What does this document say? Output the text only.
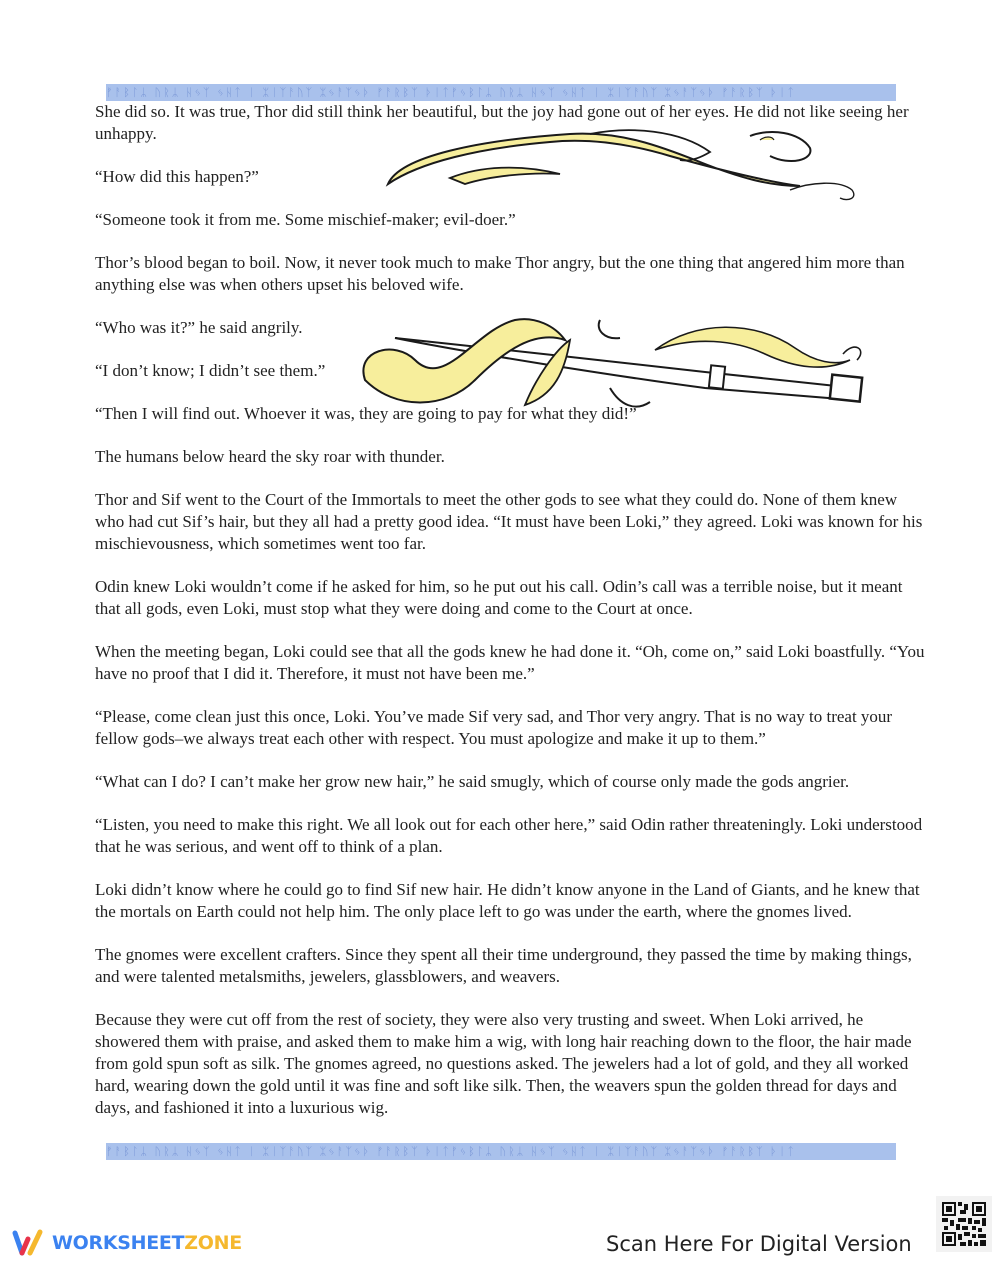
ᚠᚨᛒᛚᛦ ᚢᚱᛦ ᚺᛃᛉ ᛃᚺᛏ ᛁ ᛯᛁᛉᚨᚢᛉ ᛯᛃᚨᛉᛃᚦ ᚠᚨᚱᛒᛉ ᚦᛁᛏᚠᛃᛒᛚᛦ ᚢᚱᛦ ᚺᛃᛉ ᛃᚺᛏ ᛁ ᛯᛁᛉᚨᚢᛉ ᛯᛃᚨᛉᛃᚦ ᚠᚨᚱᛒᛉ ᚦᛁᛏ

She did so. It was true, Thor did still think her beautiful, but the joy had gone out of her eyes. He did not like seeing her unhappy.

“How did this happen?”

“Someone took it from me. Some mischief-maker; evil-doer.”

Thor’s blood began to boil. Now, it never took much to make Thor angry, but the one thing that angered him more than anything else was when others upset his beloved wife.

“Who was it?” he said angrily.

“I don’t know; I didn’t see them.”

“Then I will find out. Whoever it was, they are going to pay for what they did!”

The humans below heard the sky roar with thunder.

Thor and Sif went to the Court of the Immortals to meet the other gods to see what they could do. None of them knew who had cut Sif’s hair, but they all had a pretty good idea. “It must have been Loki,” they agreed. Loki was known for his mischievousness, which sometimes went too far.

Odin knew Loki wouldn’t come if he asked for him, so he put out his call. Odin’s call was a terrible noise, but it meant that all gods, even Loki, must stop what they were doing and come to the Court at once.

When the meeting began, Loki could see that all the gods knew he had done it. “Oh, come on,” said Loki boastfully. “You have no proof that I did it. Therefore, it must not have been me.”

“Please, come clean just this once, Loki. You’ve made Sif very sad, and Thor very angry. That is no way to treat your fellow gods–we always treat each other with respect. You must apologize and make it up to them.”

“What can I do? I can’t make her grow new hair,” he said smugly, which of course only made the gods angrier.

“Listen, you need to make this right. We all look out for each other here,” said Odin rather threateningly. Loki understood that he was serious, and went off to think of a plan.

Loki didn’t know where he could go to find Sif new hair. He didn’t know anyone in the Land of Giants, and he knew that the mortals on Earth could not help him. The only place left to go was under the earth, where the gnomes lived.

The gnomes were excellent crafters. Since they spent all their time underground, they passed the time by making things, and were talented metalsmiths, jewelers, glassblowers, and weavers.

Because they were cut off from the rest of society, they were also very trusting and sweet. When Loki arrived, he showered them with praise, and asked them to make him a wig, with long hair reaching down to the floor, the hair made from gold spun soft as silk. The gnomes agreed, no questions asked. The jewelers had a lot of gold, and they all worked hard, wearing down the gold until it was fine and soft like silk. Then, the weavers spun the golden thread for days and days, and fashioned it into a luxurious wig.

ᚠᚨᛒᛚᛦ ᚢᚱᛦ ᚺᛃᛉ ᛃᚺᛏ ᛁ ᛯᛁᛉᚨᚢᛉ ᛯᛃᚨᛉᛃᚦ ᚠᚨᚱᛒᛉ ᚦᛁᛏᚠᛃᛒᛚᛦ ᚢᚱᛦ ᚺᛃᛉ ᛃᚺᛏ ᛁ ᛯᛁᛉᚨᚢᛉ ᛯᛃᚨᛉᛃᚦ ᚠᚨᚱᛒᛉ ᚦᛁᛏ
WORKSHEETZONE	Scan Here For Digital Version
